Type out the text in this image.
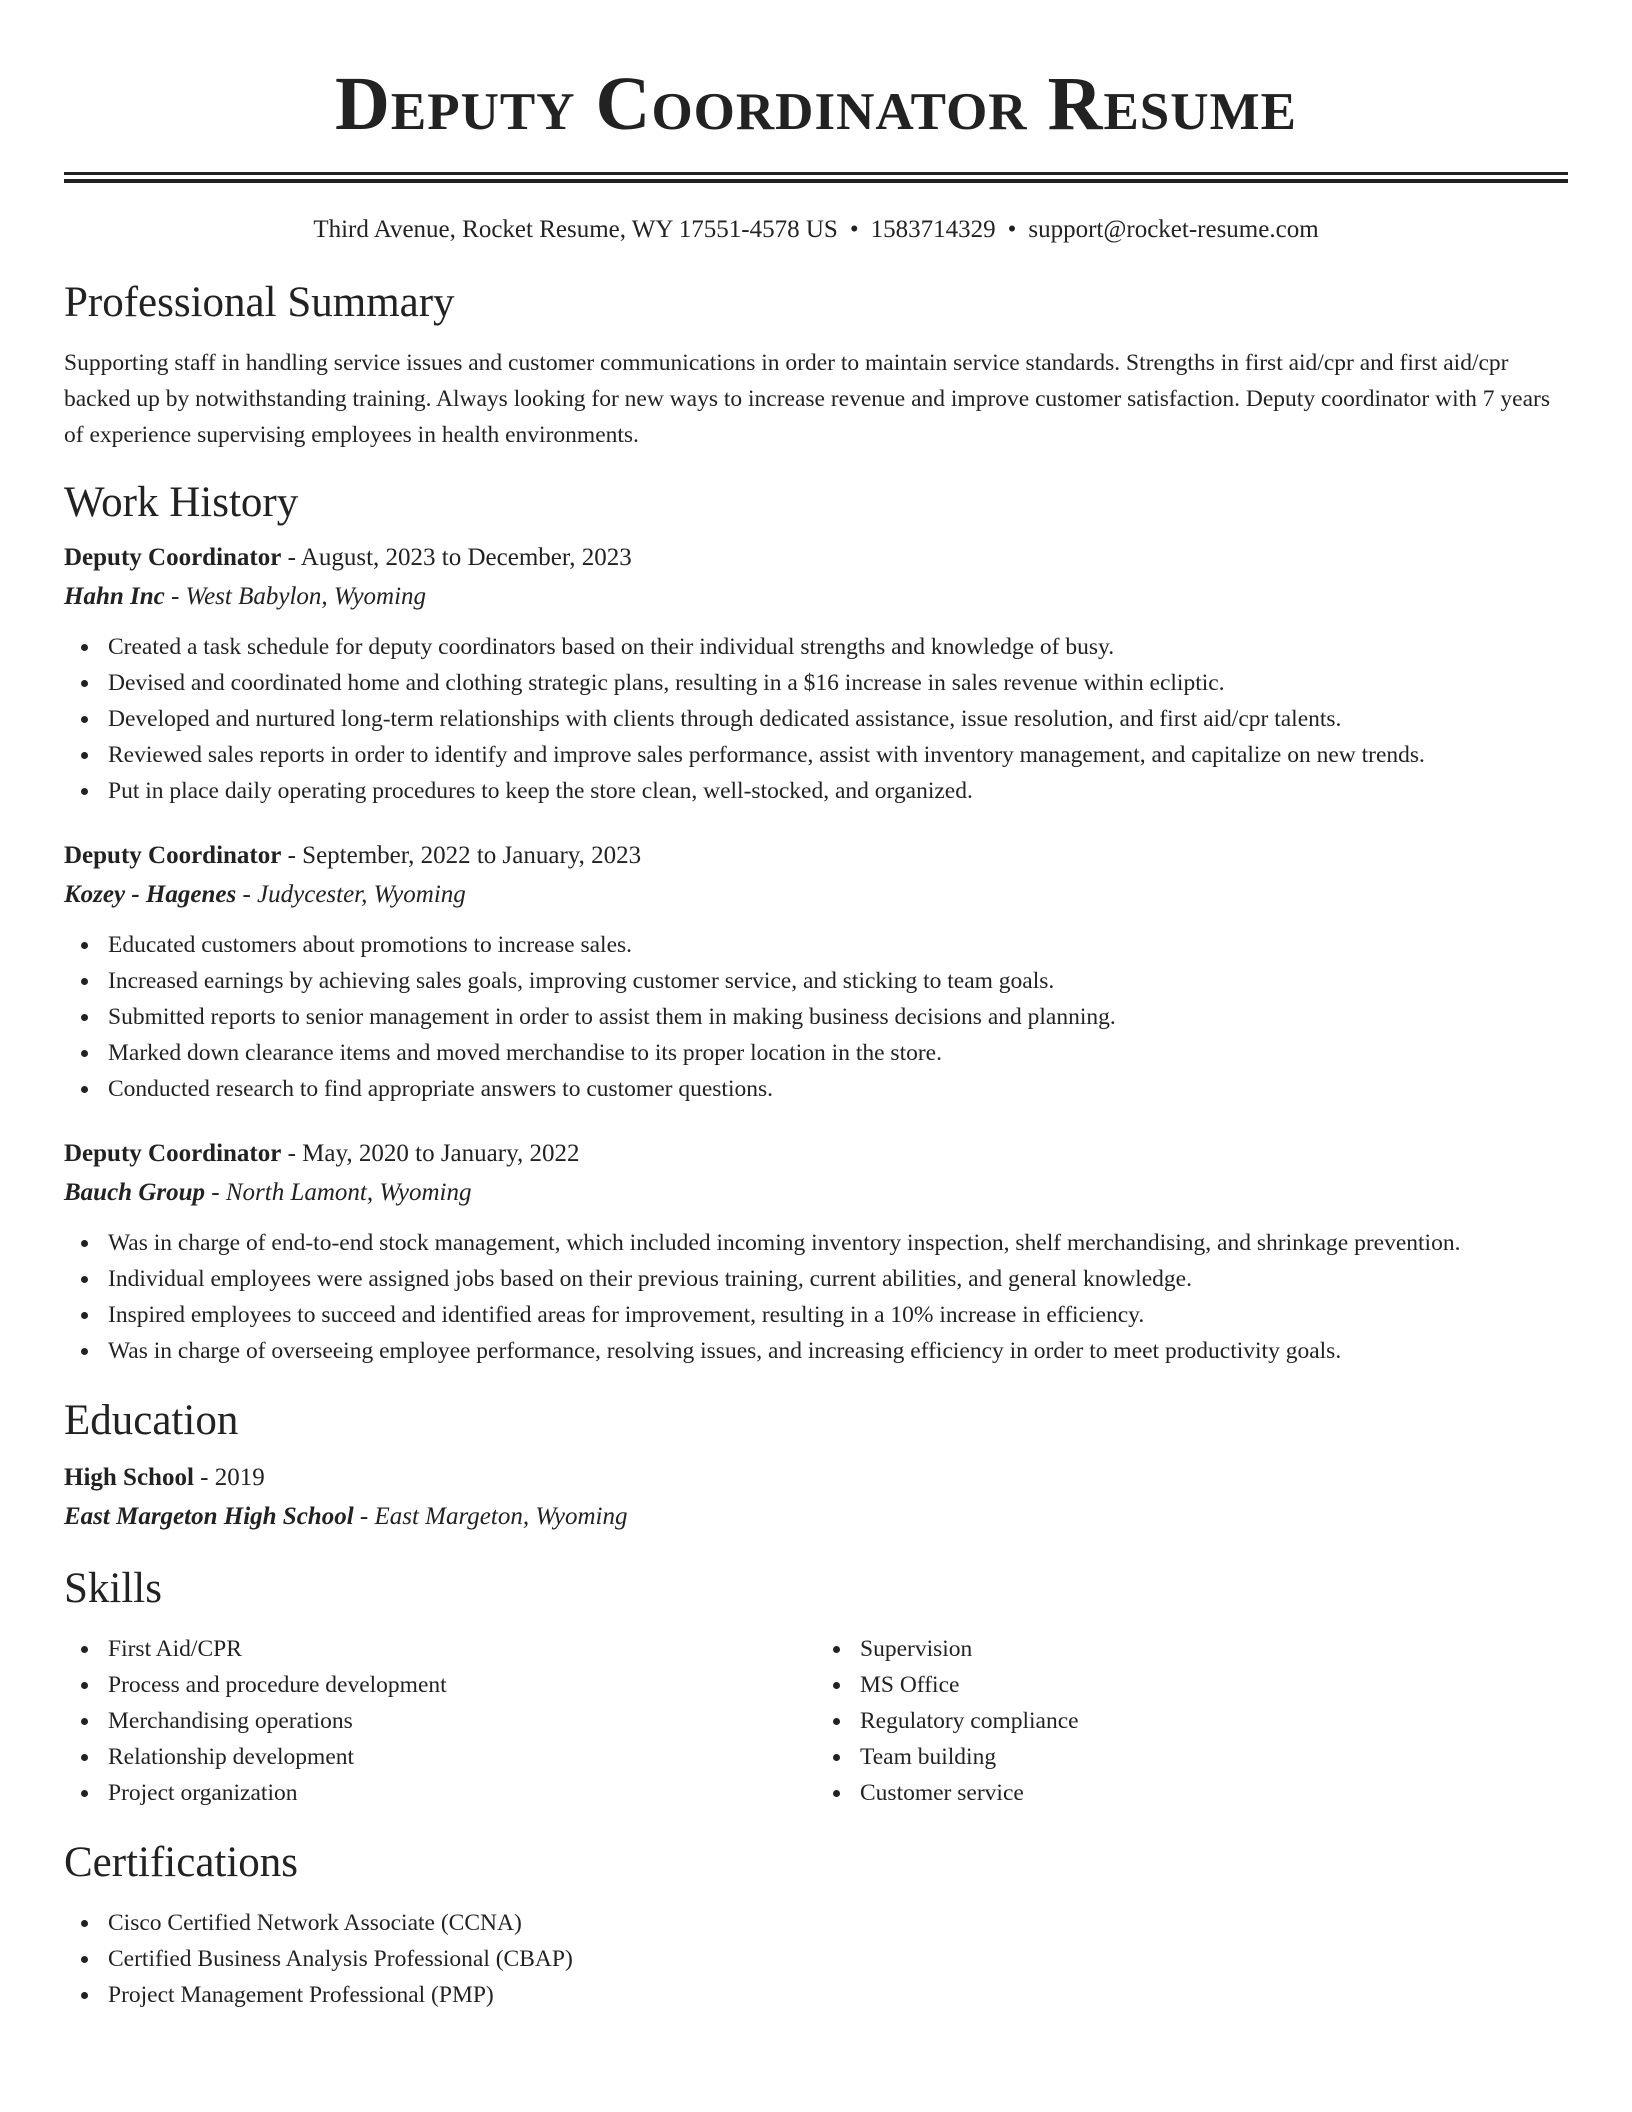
Deputy Coordinator Resume
Third Avenue, Rocket Resume, WY 17551-4578 US • 1583714329 • support@rocket-resume.com
Professional Summary

Supporting staff in handling service issues and customer communications in order to maintain service standards. Strengths in first aid/cpr and first aid/cpr backed up by notwithstanding training. Always looking for new ways to increase revenue and improve customer satisfaction. Deputy coordinator with 7 years of experience supervising employees in health environments.

Work History
Deputy Coordinator - August, 2023 to December, 2023
Hahn Inc - West Babylon, Wyoming
Created a task schedule for deputy coordinators based on their individual strengths and knowledge of busy.
Devised and coordinated home and clothing strategic plans, resulting in a $16 increase in sales revenue within ecliptic.
Developed and nurtured long-term relationships with clients through dedicated assistance, issue resolution, and first aid/cpr talents.
Reviewed sales reports in order to identify and improve sales performance, assist with inventory management, and capitalize on new trends.
Put in place daily operating procedures to keep the store clean, well-stocked, and organized.
Deputy Coordinator - September, 2022 to January, 2023
Kozey - Hagenes - Judycester, Wyoming
Educated customers about promotions to increase sales.
Increased earnings by achieving sales goals, improving customer service, and sticking to team goals.
Submitted reports to senior management in order to assist them in making business decisions and planning.
Marked down clearance items and moved merchandise to its proper location in the store.
Conducted research to find appropriate answers to customer questions.
Deputy Coordinator - May, 2020 to January, 2022
Bauch Group - North Lamont, Wyoming
Was in charge of end-to-end stock management, which included incoming inventory inspection, shelf merchandising, and shrinkage prevention.
Individual employees were assigned jobs based on their previous training, current abilities, and general knowledge.
Inspired employees to succeed and identified areas for improvement, resulting in a 10% increase in efficiency.
Was in charge of overseeing employee performance, resolving issues, and increasing efficiency in order to meet productivity goals.
Education
High School - 2019
East Margeton High School - East Margeton, Wyoming
Skills
First Aid/CPR
Process and procedure development
Merchandising operations
Relationship development
Project organization
Supervision
MS Office
Regulatory compliance
Team building
Customer service
Certifications
Cisco Certified Network Associate (CCNA)
Certified Business Analysis Professional (CBAP)
Project Management Professional (PMP)
